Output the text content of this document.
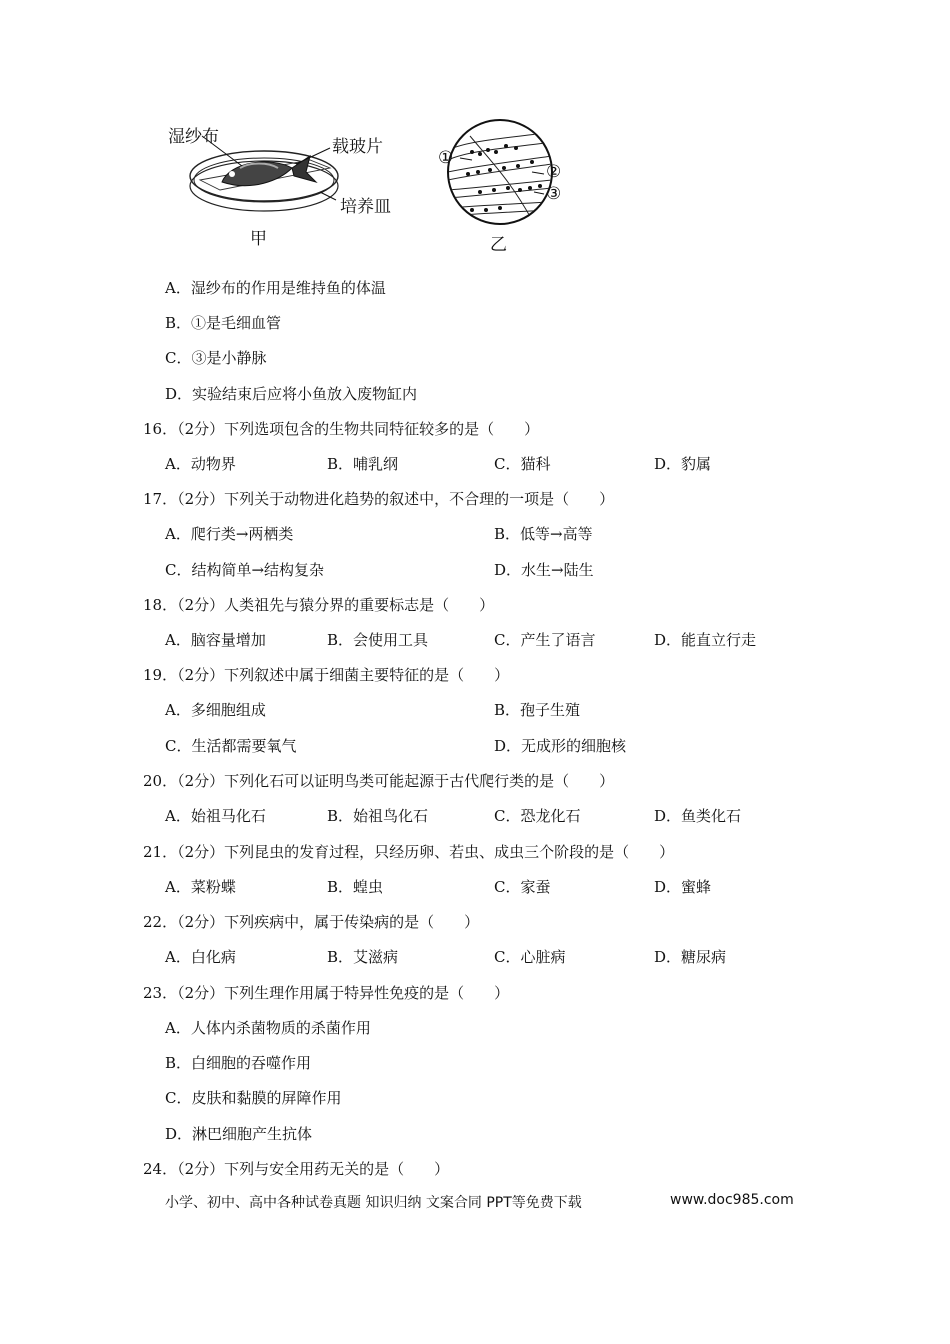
湿纱布	载玻片
培养皿
甲	乙
①
②
③
A．湿纱布的作用是维持鱼的体温
B．①是毛细血管
C．③是小静脉
D．实验结束后应将小鱼放入废物缸内
16．（2分）下列选项包含的生物共同特征较多的是（　　）
A．动物界	B．哺乳纲	C．猫科	D．豹属
17．（2分）下列关于动物进化趋势的叙述中，不合理的一项是（　　）
A．爬行类→两栖类	B．低等→高等
C．结构简单→结构复杂	D．水生→陆生
18．（2分）人类祖先与猿分界的重要标志是（　　）
A．脑容量增加	B．会使用工具	C．产生了语言	D．能直立行走
19．（2分）下列叙述中属于细菌主要特征的是（　　）
A．多细胞组成	B．孢子生殖
C．生活都需要氧气	D．无成形的细胞核
20．（2分）下列化石可以证明鸟类可能起源于古代爬行类的是（　　）
A．始祖马化石	B．始祖鸟化石	C．恐龙化石	D．鱼类化石
21．（2分）下列昆虫的发育过程，只经历卵、若虫、成虫三个阶段的是（　　）
A．菜粉蝶	B．蝗虫	C．家蚕	D．蜜蜂
22．（2分）下列疾病中，属于传染病的是（　　）
A．白化病	B．艾滋病	C．心脏病	D．糖尿病
23．（2分）下列生理作用属于特异性免疫的是（　　）
A．人体内杀菌物质的杀菌作用
B．白细胞的吞噬作用
C．皮肤和黏膜的屏障作用
D．淋巴细胞产生抗体
24．（2分）下列与安全用药无关的是（　　）
小学、初中、高中各种试卷真题 知识归纳 文案合同 PPT等免费下载	www.doc985.com
